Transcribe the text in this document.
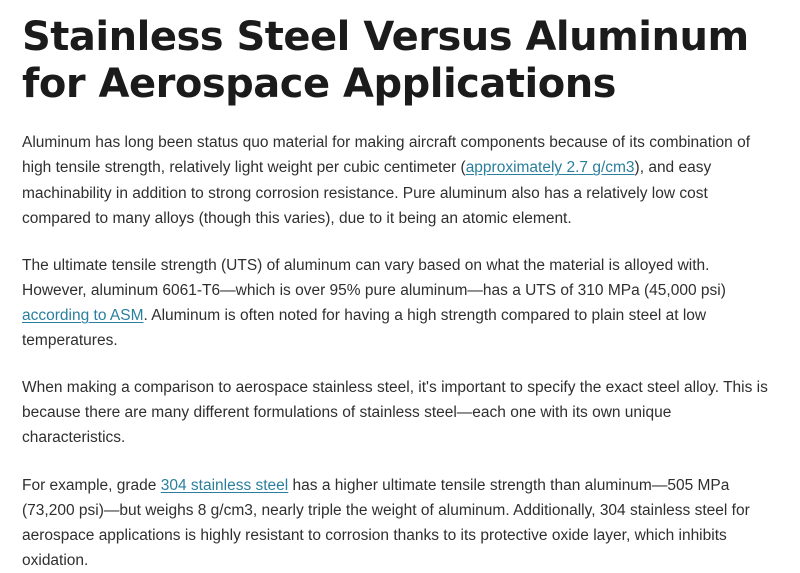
Stainless Steel Versus Aluminum for Aerospace Applications

Aluminum has long been status quo material for making aircraft components because of its combination of high tensile strength, relatively light weight per cubic centimeter (approximately 2.7 g/cm3), and easy machinability in addition to strong corrosion resistance. Pure aluminum also has a relatively low cost compared to many alloys (though this varies), due to it being an atomic element.

The ultimate tensile strength (UTS) of aluminum can vary based on what the material is alloyed with. However, aluminum 6061-T6—which is over 95% pure aluminum—has a UTS of 310 MPa (45,000 psi) according to ASM. Aluminum is often noted for having a high strength compared to plain steel at low temperatures.

When making a comparison to aerospace stainless steel, it's important to specify the exact steel alloy. This is because there are many different formulations of stainless steel—each one with its own unique characteristics.

For example, grade 304 stainless steel has a higher ultimate tensile strength than aluminum—505 MPa (73,200 psi)—but weighs 8 g/cm3, nearly triple the weight of aluminum. Additionally, 304 stainless steel for aerospace applications is highly resistant to corrosion thanks to its protective oxide layer, which inhibits oxidation.
